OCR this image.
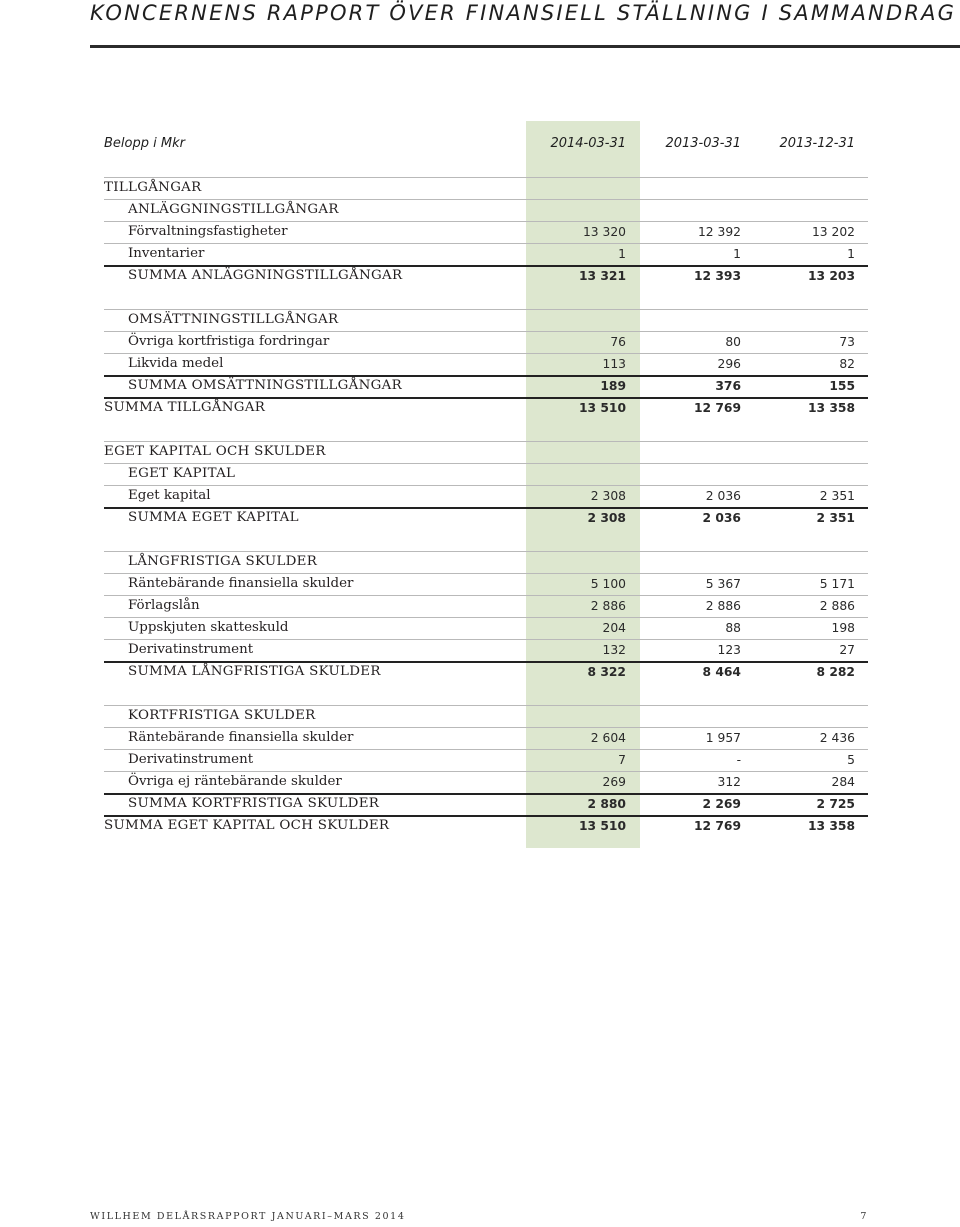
KONCERNENS RAPPORT ÖVER FINANSIELL STÄLLNING I SAMMANDRAG
Belopp i Mkr	2014-03-31	2013-03-31	2013-12-31
TILLGÅNGAR
ANLÄGGNINGSTILLGÅNGAR
Förvaltningsfastigheter	13 320	12 392	13 202
Inventarier	1	1	1
SUMMA ANLÄGGNINGSTILLGÅNGAR	13 321	12 393	13 203
OMSÄTTNINGSTILLGÅNGAR
Övriga kortfristiga fordringar	76	80	73
Likvida medel	113	296	82
SUMMA OMSÄTTNINGSTILLGÅNGAR	189	376	155
SUMMA TILLGÅNGAR	13 510	12 769	13 358
EGET KAPITAL OCH SKULDER
EGET KAPITAL
Eget kapital	2 308	2 036	2 351
SUMMA EGET KAPITAL	2 308	2 036	2 351
LÅNGFRISTIGA SKULDER
Räntebärande finansiella skulder	5 100	5 367	5 171
Förlagslån	2 886	2 886	2 886
Uppskjuten skatteskuld	204	88	198
Derivatinstrument	132	123	27
SUMMA LÅNGFRISTIGA SKULDER	8 322	8 464	8 282
KORTFRISTIGA SKULDER
Räntebärande finansiella skulder	2 604	1 957	2 436
Derivatinstrument	7	-	5
Övriga ej räntebärande skulder	269	312	284
SUMMA KORTFRISTIGA SKULDER	2 880	2 269	2 725
SUMMA EGET KAPITAL OCH SKULDER	13 510	12 769	13 358
WILLHEM DELÅRSRAPPORT JANUARI–MARS 2014	7
